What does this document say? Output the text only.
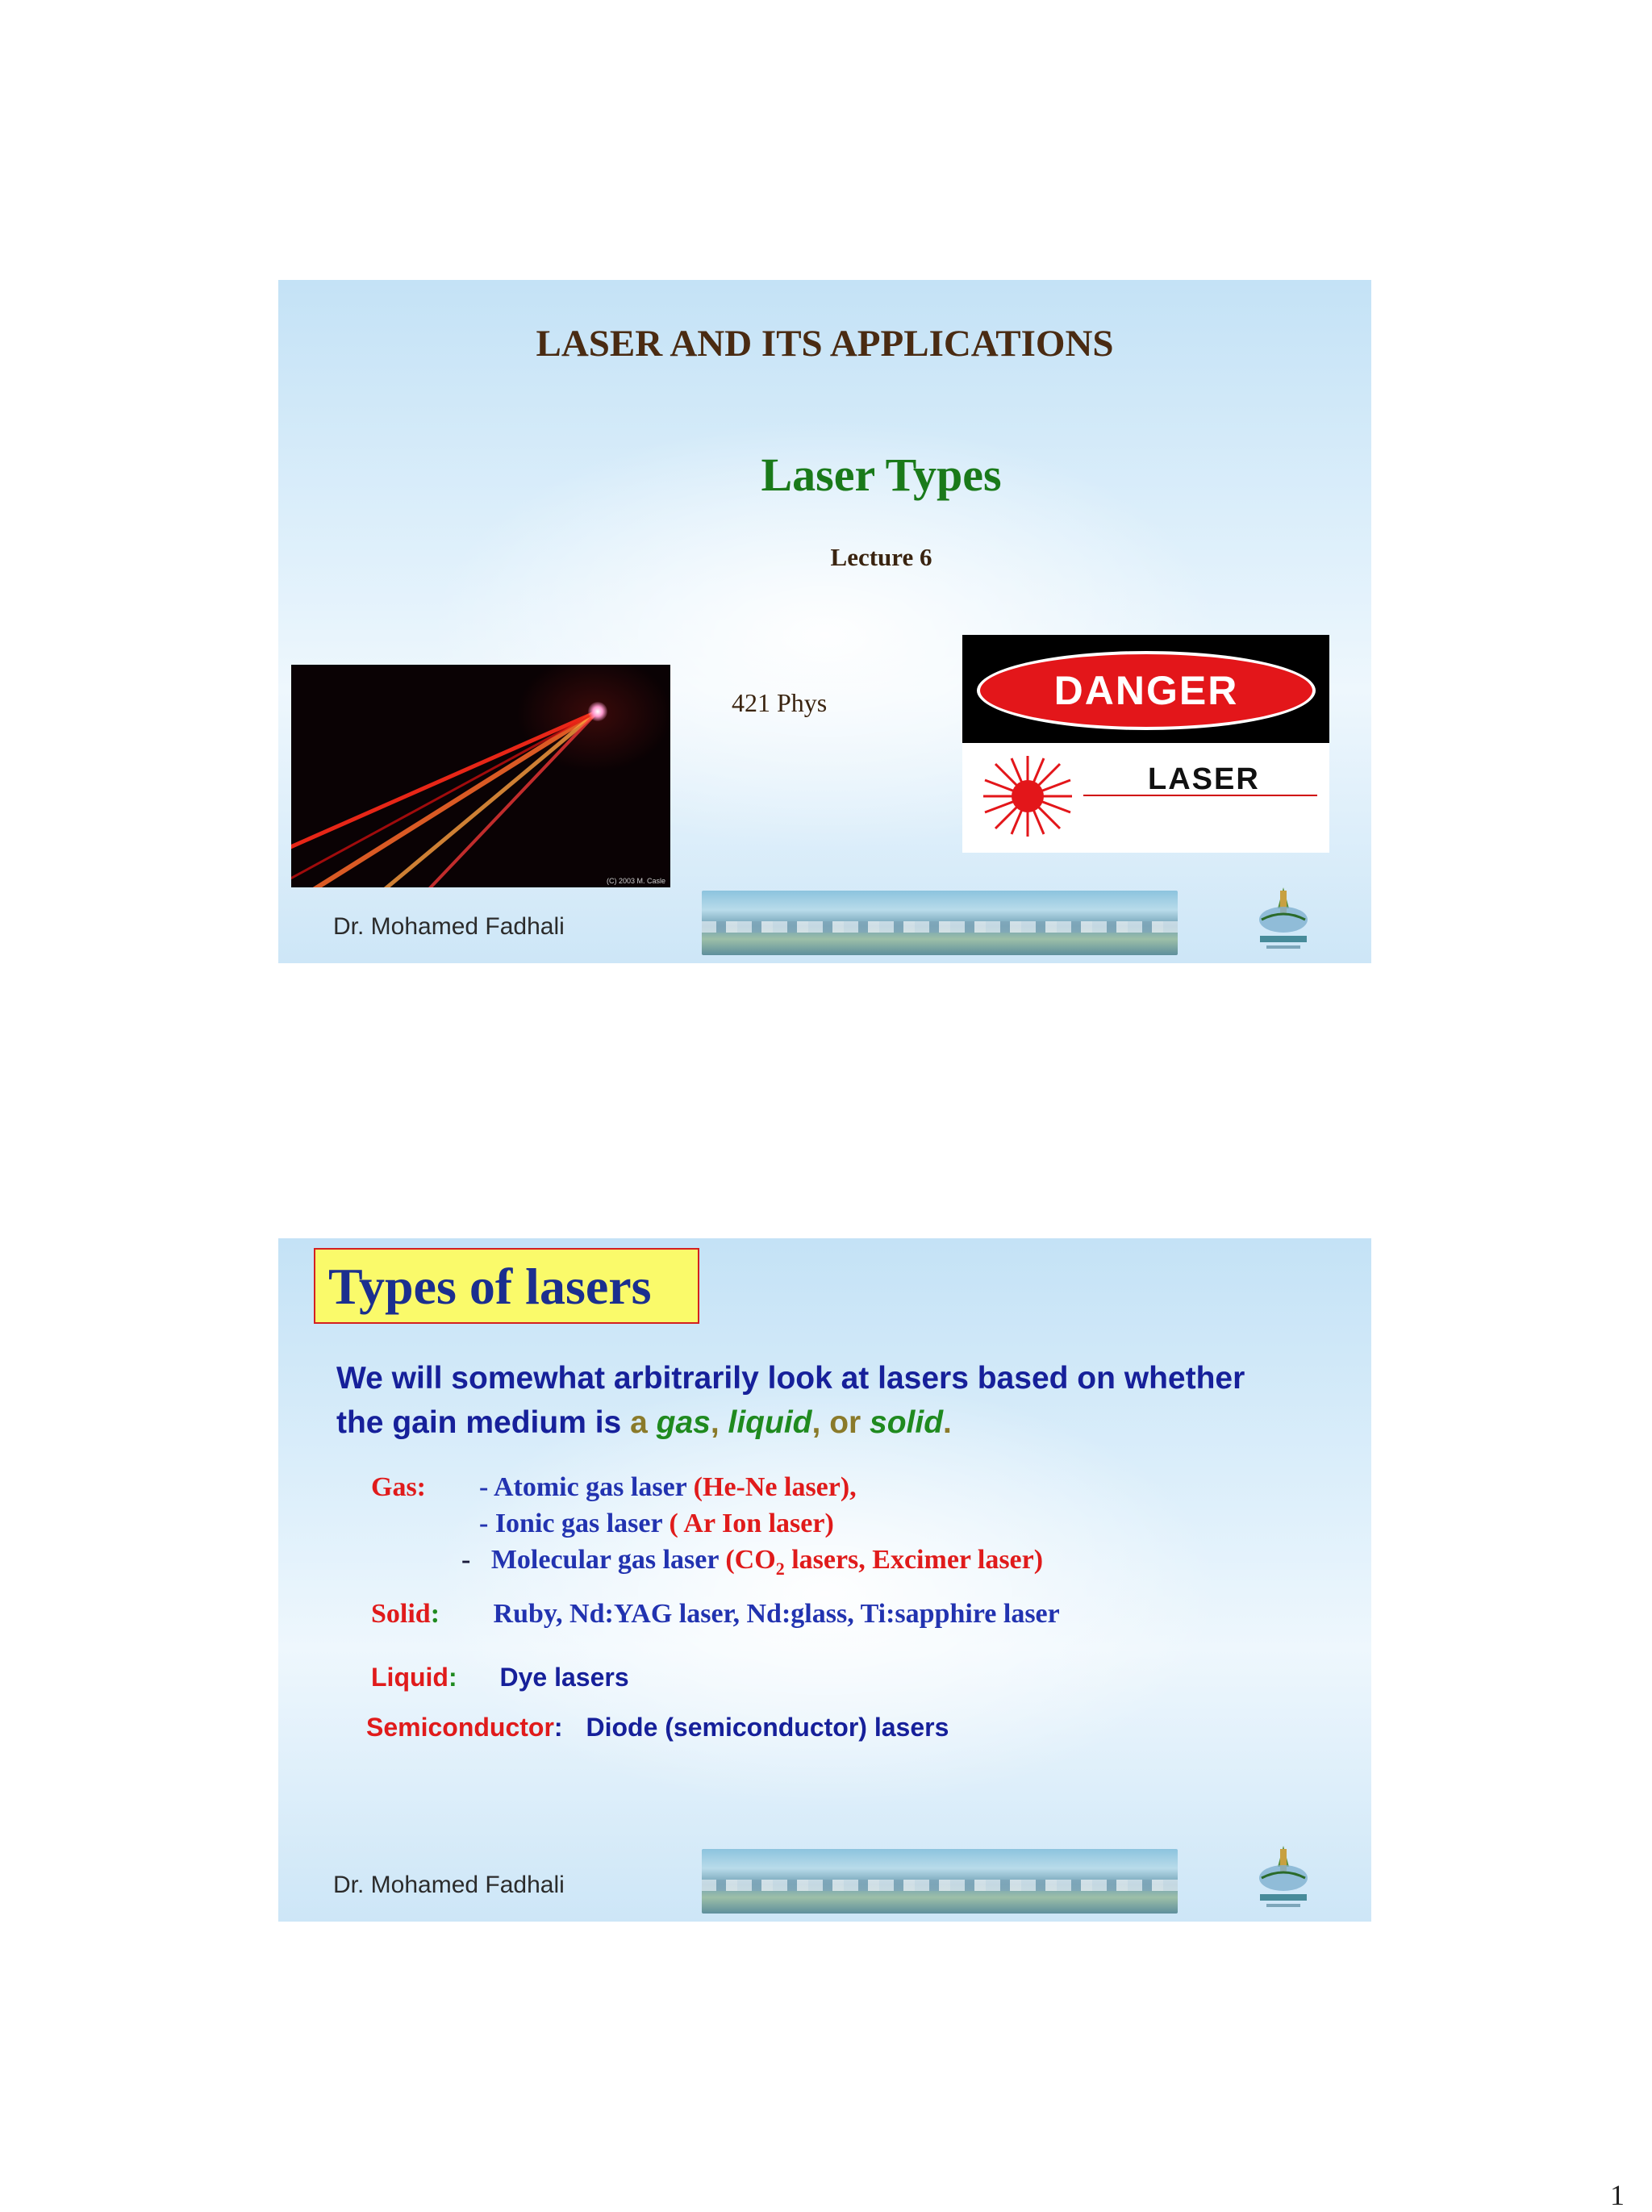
LASER AND ITS APPLICATIONS
Laser Types
Lecture 6
421 Phys
(C) 2003 M. Casle
DANGER
LASER
Dr. Mohamed Fadhali
Types of lasers
We will somewhat arbitrarily look at lasers based on whether
the gain medium is a gas, liquid, or solid.
Gas: - Atomic gas laser (He-Ne laser),
- Ionic gas laser ( Ar Ion laser)
- Molecular gas laser ($CO_2$ lasers, Excimer laser)
Solid: Ruby, Nd:YAG laser, Nd:glass, Ti:sapphire laser
Liquid: Dye lasers
Semiconductor: Diode (semiconductor) lasers
Dr. Mohamed Fadhali
1
